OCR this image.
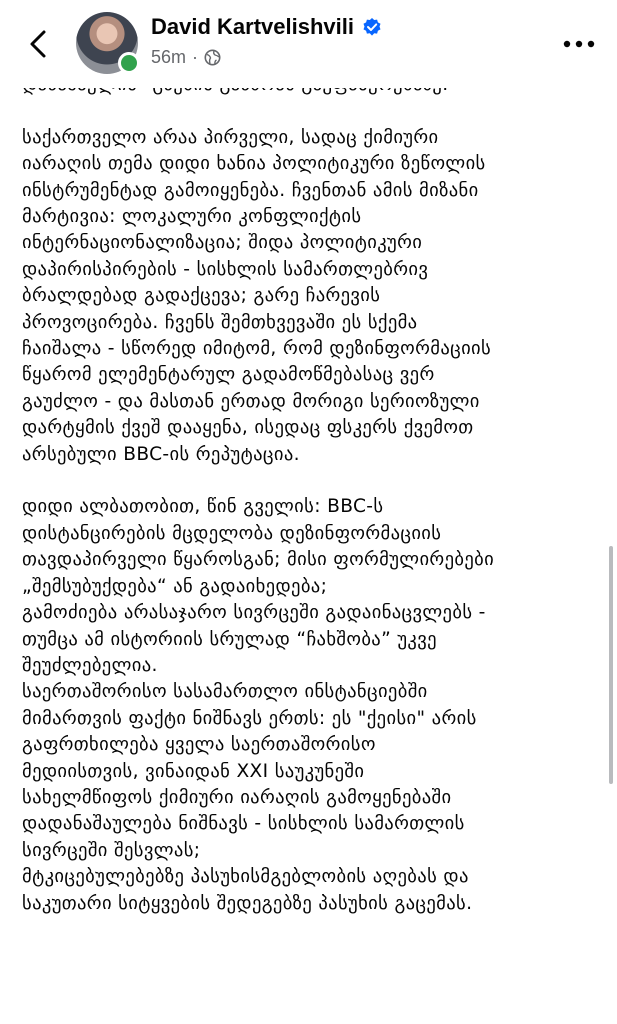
საქართველო არაა პირველი, სადაც ქიმიური
იარაღის თემა დიდი ხანია პოლიტიკური ზეწოლის
ინსტრუმენტად გამოიყენება. ჩვენთან ამის მიზანი
მარტივია: ლოკალური კონფლიქტის
ინტერნაციონალიზაცია; შიდა პოლიტიკური
დაპირისპირების - სისხლის სამართლებრივ
ბრალდებად გადაქცევა; გარე ჩარევის
პროვოცირება. ჩვენს შემთხვევაში ეს სქემა
ჩაიშალა - სწორედ იმიტომ, რომ დეზინფორმაციის
წყარომ ელემენტარულ გადამოწმებასაც ვერ
გაუძლო - და მასთან ერთად მორიგი სერიოზული
დარტყმის ქვეშ დააყენა, ისედაც ფსკერს ქვემოთ
არსებული BBC-ის რეპუტაცია.

დიდი ალბათობით, წინ გველის: BBC-ს
დისტანცირების მცდელობა დეზინფორმაციის
თავდაპირველი წყაროსგან; მისი ფორმულირებები
„შემსუბუქდება“ ან გადაიხედება;
გამოძიება არასაჯარო სივრცეში გადაინაცვლებს -
თუმცა ამ ისტორიის სრულად “ჩახშობა” უკვე
შეუძლებელია.
საერთაშორისო სასამართლო ინსტანციებში
მიმართვის ფაქტი ნიშნავს ერთს: ეს "ქეისი" არის
გაფრთხილება ყველა საერთაშორისო
მედიისთვის, ვინაიდან XXI საუკუნეში
სახელმწიფოს ქიმიური იარაღის გამოყენებაში
დადანაშაულება ნიშნავს - სისხლის სამართლის
სივრცეში შესვლას;
მტკიცებულებებზე პასუხისმგებლობის აღებას და
საკუთარი სიტყვების შედეგებზე პასუხის გაცემას.

David Kartvelishvili
56m ·
